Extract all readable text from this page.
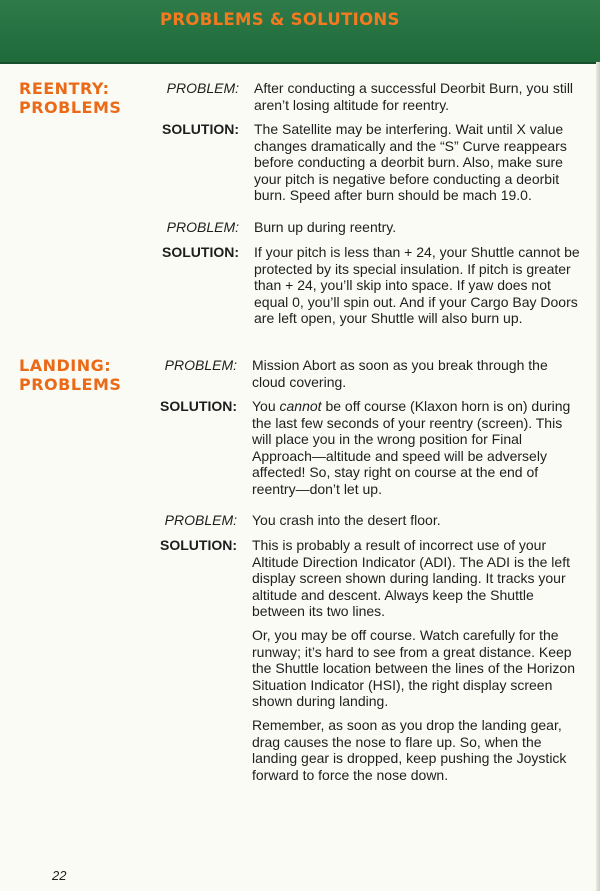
PROBLEMS & SOLUTIONS
REENTRY:
PROBLEMS
PROBLEM: After conducting a successful Deorbit Burn, you still aren’t losing altitude for reentry.
SOLUTION: The Satellite may be interfering. Wait until X value changes dramatically and the “S” Curve reappears before conducting a deorbit burn. Also, make sure your pitch is negative before conducting a deorbit burn. Speed after burn should be mach 19.0.
PROBLEM: Burn up during reentry.
SOLUTION: If your pitch is less than + 24, your Shuttle cannot be protected by its special insulation. If pitch is greater than + 24, you’ll skip into space. If yaw does not equal 0, you’ll spin out. And if your Cargo Bay Doors are left open, your Shuttle will also burn up.
LANDING:
PROBLEMS
PROBLEM: Mission Abort as soon as you break through the cloud covering.
SOLUTION: You cannot be off course (Klaxon horn is on) during the last few seconds of your reentry (screen). This will place you in the wrong position for Final Approach—altitude and speed will be adversely affected! So, stay right on course at the end of reentry—don’t let up.
PROBLEM: You crash into the desert floor.
SOLUTION: This is probably a result of incorrect use of your Altitude Direction Indicator (ADI). The ADI is the left display screen shown during landing. It tracks your altitude and descent. Always keep the Shuttle between its two lines.
Or, you may be off course. Watch carefully for the runway; it’s hard to see from a great distance. Keep the Shuttle location between the lines of the Horizon Situation Indicator (HSI), the right display screen shown during landing.
Remember, as soon as you drop the landing gear, drag causes the nose to flare up. So, when the landing gear is dropped, keep pushing the Joystick forward to force the nose down.
22
